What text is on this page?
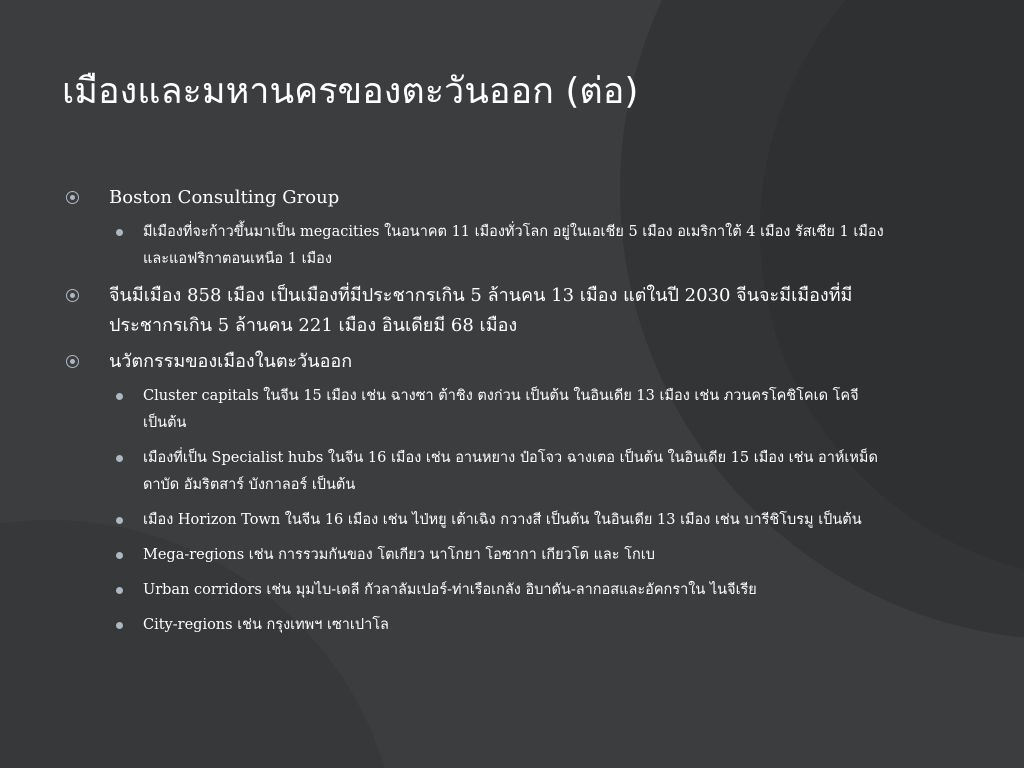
เมืองและมหานครของตะวันออก (ต่อ)
Boston Consulting Group
มีเมืองที่จะก้าวขึ้นมาเป็น megacities ในอนาคต 11 เมืองทั่วโลก อยู่ในเอเชีย 5 เมือง อเมริกาใต้ 4 เมือง รัสเซีย 1 เมือง และแอฟริกาตอนเหนือ 1 เมือง
จีนมีเมือง 858 เมือง เป็นเมืองที่มีประชากรเกิน 5 ล้านคน 13 เมือง แต่ในปี 2030 จีนจะมีเมืองที่มีประชากรเกิน 5 ล้านคน 221 เมือง อินเดียมี 68 เมือง
นวัตกรรมของเมืองในตะวันออก
Cluster capitals ในจีน 15 เมือง เช่น ฉางซา ต้าชิง ตงก่วน เป็นต้น ในอินเดีย 13 เมือง เช่น ภวนครโคชิโคเด โคจี เป็นต้น
เมืองที่เป็น Specialist hubs ในจีน 16 เมือง เช่น อานหยาง ป๋อโจว ฉางเตอ เป็นต้น ในอินเดีย 15 เมือง เช่น อาห์เหม็ดดาบัด อัมริตสาร์ บังกาลอร์ เป็นต้น
เมือง Horizon Town ในจีน 16 เมือง เช่น ไป่หยู เต้าเฉิง กวางสี เป็นต้น ในอินเดีย 13 เมือง เช่น บารีชิโบรมู เป็นต้น
Mega-regions เช่น การรวมกันของ โตเกียว นาโกยา โอซากา เกียวโต และ โกเบ
Urban corridors เช่น มุมไบ-เดลี กัวลาลัมเปอร์-ท่าเรือเกลัง อิบาดัน-ลากอสและอัคกราใน ไนจีเรีย
City-regions เช่น กรุงเทพฯ เซาเปาโล
